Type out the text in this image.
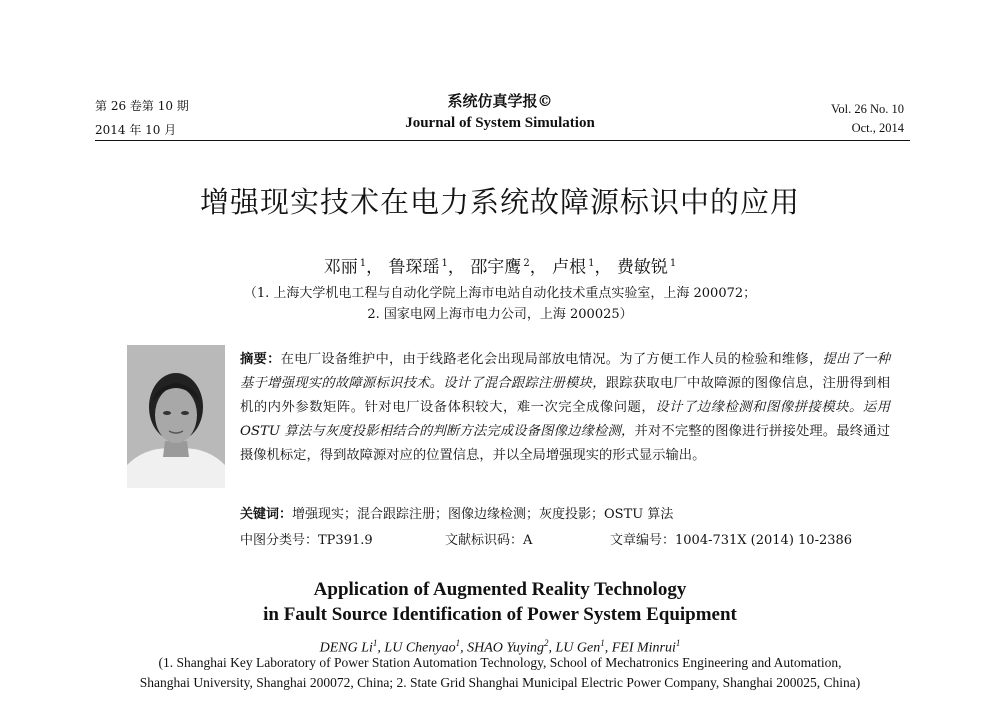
第 26 卷第 10 期
2014 年 10 月
系统仿真学报©
Journal of System Simulation
Vol. 26 No. 10
Oct., 2014
增强现实技术在电力系统故障源标识中的应用
邓丽 $^1$， 鲁琛瑶 $^1$， 邵宇鹰 $^2$， 卢根 $^1$， 费敏锐 $^1$
（1. 上海大学机电工程与自动化学院上海市电站自动化技术重点实验室，上海 200072；
2. 国家电网上海市电力公司，上海 200025）
摘要：在电厂设备维护中，由于线路老化会出现局部放电情况。为了方便工作人员的检验和维修，提出了一种基于增强现实的故障源标识技术。设计了混合跟踪注册模块，跟踪获取电厂中故障源的图像信息，注册得到相机的内外参数矩阵。针对电厂设备体积较大，难一次完全成像问题，设计了边缘检测和图像拼接模块。运用 OSTU 算法与灰度投影相结合的判断方法完成设备图像边缘检测，并对不完整的图像进行拼接处理。最终通过摄像机标定，得到故障源对应的位置信息，并以全局增强现实的形式显示输出。
关键词：增强现实；混合跟踪注册；图像边缘检测；灰度投影；OSTU 算法
中图分类号：TP391.9	文献标识码：A	文章编号：1004-731X (2014) 10-2386
Application of Augmented Reality Technology
in Fault Source Identification of Power System Equipment
DENG Li$^1$, LU Chenyao$^1$, SHAO Yuying$^2$, LU Gen$^1$, FEI Minrui$^1$
(1. Shanghai Key Laboratory of Power Station Automation Technology, School of Mechatronics Engineering and Automation,
Shanghai University, Shanghai 200072, China; 2. State Grid Shanghai Municipal Electric Power Company, Shanghai 200025, China)
